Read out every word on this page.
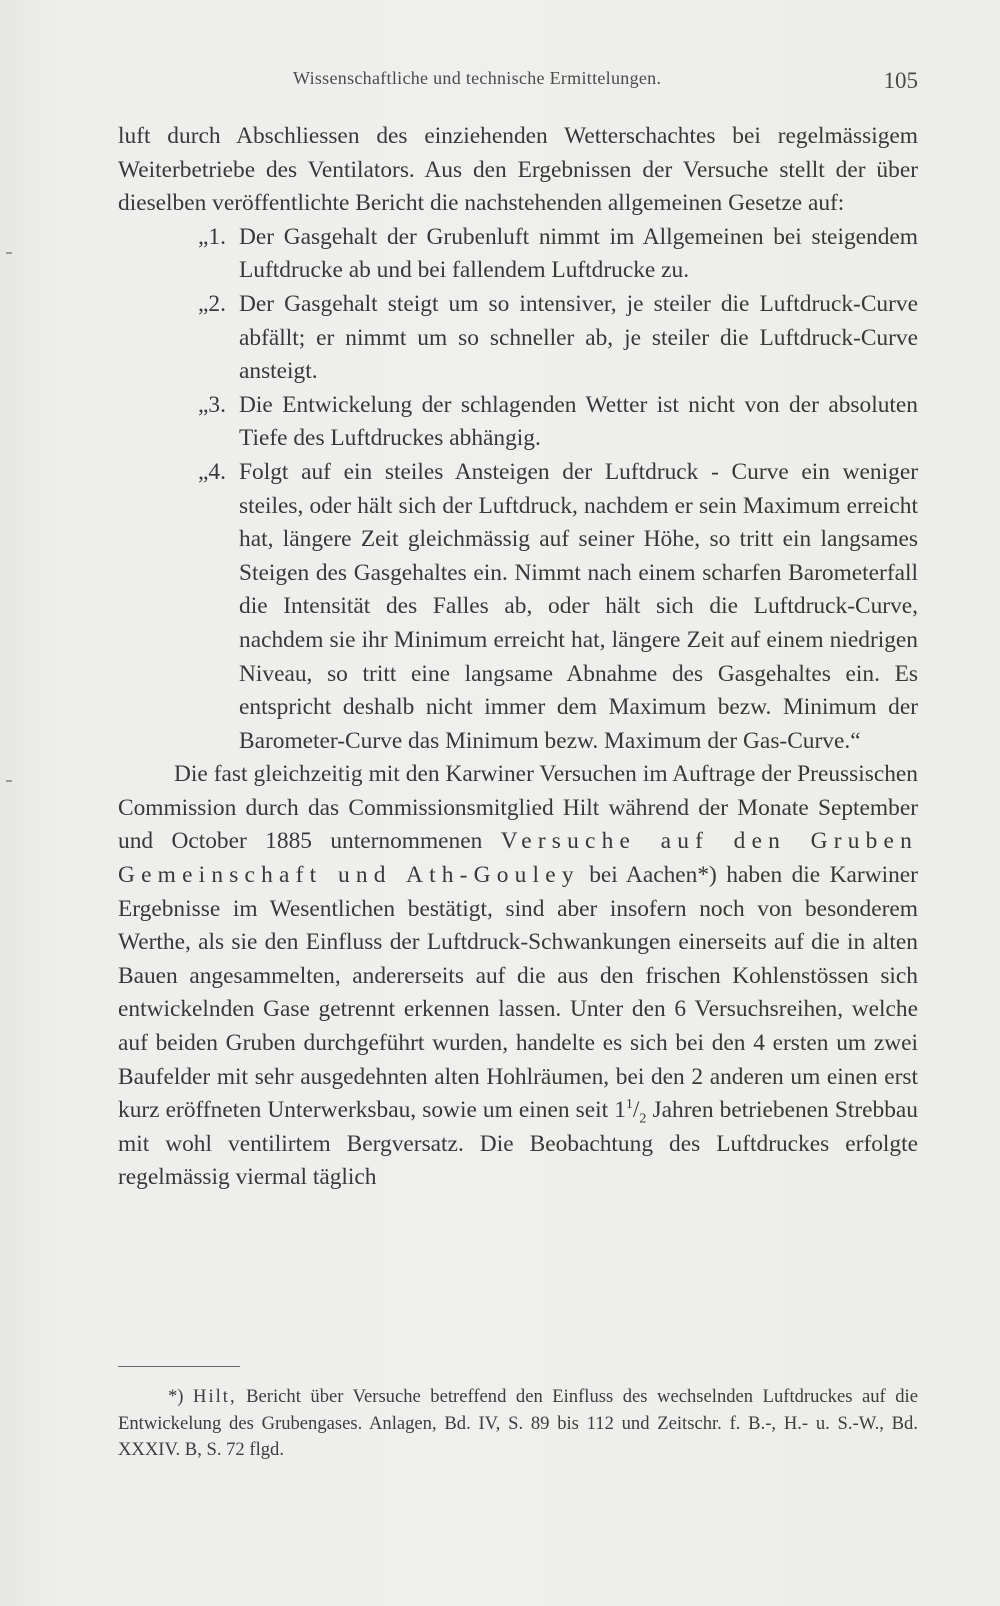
Wissenschaftliche und technische Ermittelungen.	105

luft durch Abschliessen des einziehenden Wetterschachtes bei regelmässigem Weiterbetriebe des Ventilators. Aus den Ergebnissen der Versuche stellt der über dieselben veröffentlichte Bericht die nachstehenden allgemeinen Gesetze auf:

„1. Der Gasgehalt der Grubenluft nimmt im Allgemeinen bei steigendem Luftdrucke ab und bei fallendem Luftdrucke zu.
„2. Der Gasgehalt steigt um so intensiver, je steiler die Luftdruck-Curve abfällt; er nimmt um so schneller ab, je steiler die Luftdruck-Curve ansteigt.
„3. Die Entwickelung der schlagenden Wetter ist nicht von der absoluten Tiefe des Luftdruckes abhängig.
„4. Folgt auf ein steiles Ansteigen der Luftdruck - Curve ein weniger steiles, oder hält sich der Luftdruck, nachdem er sein Maximum erreicht hat, längere Zeit gleichmässig auf seiner Höhe, so tritt ein langsames Steigen des Gasgehaltes ein. Nimmt nach einem scharfen Barometerfall die Intensität des Falles ab, oder hält sich die Luftdruck-Curve, nachdem sie ihr Minimum erreicht hat, längere Zeit auf einem niedrigen Niveau, so tritt eine langsame Abnahme des Gasgehaltes ein. Es entspricht deshalb nicht immer dem Maximum bezw. Minimum der Barometer-Curve das Minimum bezw. Maximum der Gas-Curve.“

Die fast gleichzeitig mit den Karwiner Versuchen im Auftrage der Preussischen Commission durch das Commissionsmitglied Hilt während der Monate September und October 1885 unternommenen Versuche auf den Gruben Gemeinschaft und Ath-Gouley bei Aachen*) haben die Karwiner Ergebnisse im Wesentlichen bestätigt, sind aber insofern noch von besonderem Werthe, als sie den Einfluss der Luftdruck-Schwankungen einerseits auf die in alten Bauen angesammelten, andererseits auf die aus den frischen Kohlenstössen sich entwickelnden Gase getrennt erkennen lassen. Unter den 6 Versuchsreihen, welche auf beiden Gruben durchgeführt wurden, handelte es sich bei den 4 ersten um zwei Baufelder mit sehr ausgedehnten alten Hohlräumen, bei den 2 anderen um einen erst kurz eröffneten Unterwerksbau, sowie um einen seit $1^1/_2$ Jahren betriebenen Strebbau mit wohl ventilirtem Bergversatz. Die Beobachtung des Luftdruckes erfolgte regelmässig viermal täglich

*) Hilt, Bericht über Versuche betreffend den Einfluss des wechselnden Luftdruckes auf die Entwickelung des Grubengases. Anlagen, Bd. IV, S. 89 bis 112 und Zeitschr. f. B.-, H.- u. S.-W., Bd. XXXIV. B, S. 72 flgd.
